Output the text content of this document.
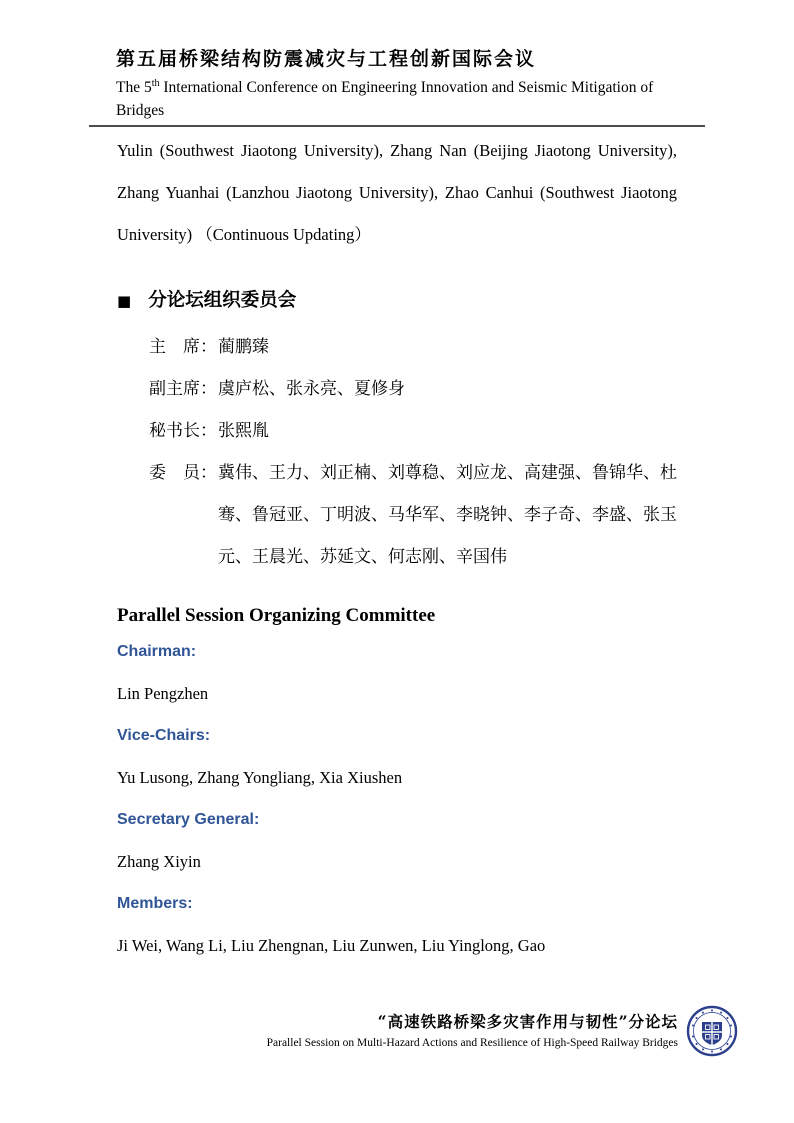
第五届桥梁结构防震减灾与工程创新国际会议
The 5th International Conference on Engineering Innovation and Seismic Mitigation of Bridges

Yulin (Southwest Jiaotong University), Zhang Nan (Beijing Jiaotong University), Zhang Yuanhai (Lanzhou Jiaotong University), Zhao Canhui (Southwest Jiaotong University) （Continuous Updating）

■ 分论坛组织委员会
主　席： 蔺鹏臻
副主席： 虞庐松、张永亮、夏修身
秘书长： 张熙胤
委　员： 冀伟、王力、刘正楠、刘尊稳、刘应龙、高建强、鲁锦华、杜骞、鲁冠亚、丁明波、马华军、李晓钟、李子奇、李盛、张玉元、王晨光、苏延文、何志刚、辛国伟
Parallel Session Organizing Committee
Chairman:
Lin Pengzhen
Vice-Chairs:
Yu Lusong, Zhang Yongliang, Xia Xiushen
Secretary General:
Zhang Xiyin
Members:
Ji Wei, Wang Li, Liu Zhengnan, Liu Zunwen, Liu Yinglong, Gao
“高速铁路桥梁多灾害作用与韧性”分论坛
Parallel Session on Multi-Hazard Actions and Resilience of High-Speed Railway Bridges
